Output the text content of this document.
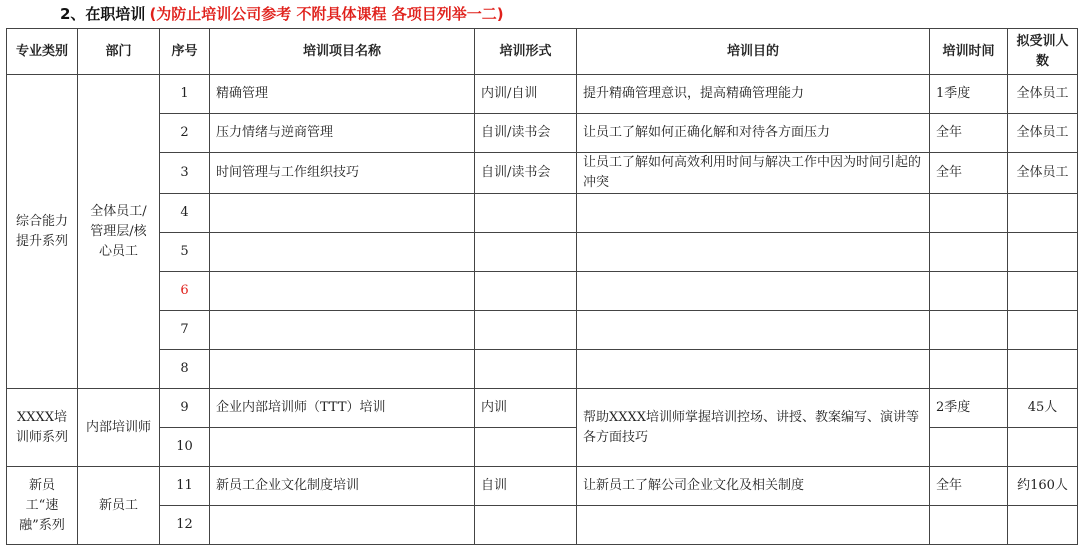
2、在职培训 (为防止培训公司参考 不附具体课程 各项目列举一二)
专业类别	部门	序号	培训项目名称	培训形式	培训目的	培训时间	拟受训人数
综合能力提升系列	全体员工/管理层/核心员工	1	精确管理	内训/自训	提升精确管理意识，提高精确管理能力	1季度	全体员工
		2	压力情绪与逆商管理	自训/读书会	让员工了解如何正确化解和对待各方面压力	全年	全体员工
		3	时间管理与工作组织技巧	自训/读书会	让员工了解如何高效利用时间与解决工作中因为时间引起的冲突	全年	全体员工
		4					
		5					
		6					
		7					
		8					
XXXX培训师系列	内部培训师	9	企业内部培训师（TTT）培训	内训	帮助XXXX培训师掌握培训控场、讲授、教案编写、演讲等各方面技巧	2季度	45人
		10					
新员工“速融”系列	新员工	11	新员工企业文化制度培训	自训	让新员工了解公司企业文化及相关制度	全年	约160人
		12					
